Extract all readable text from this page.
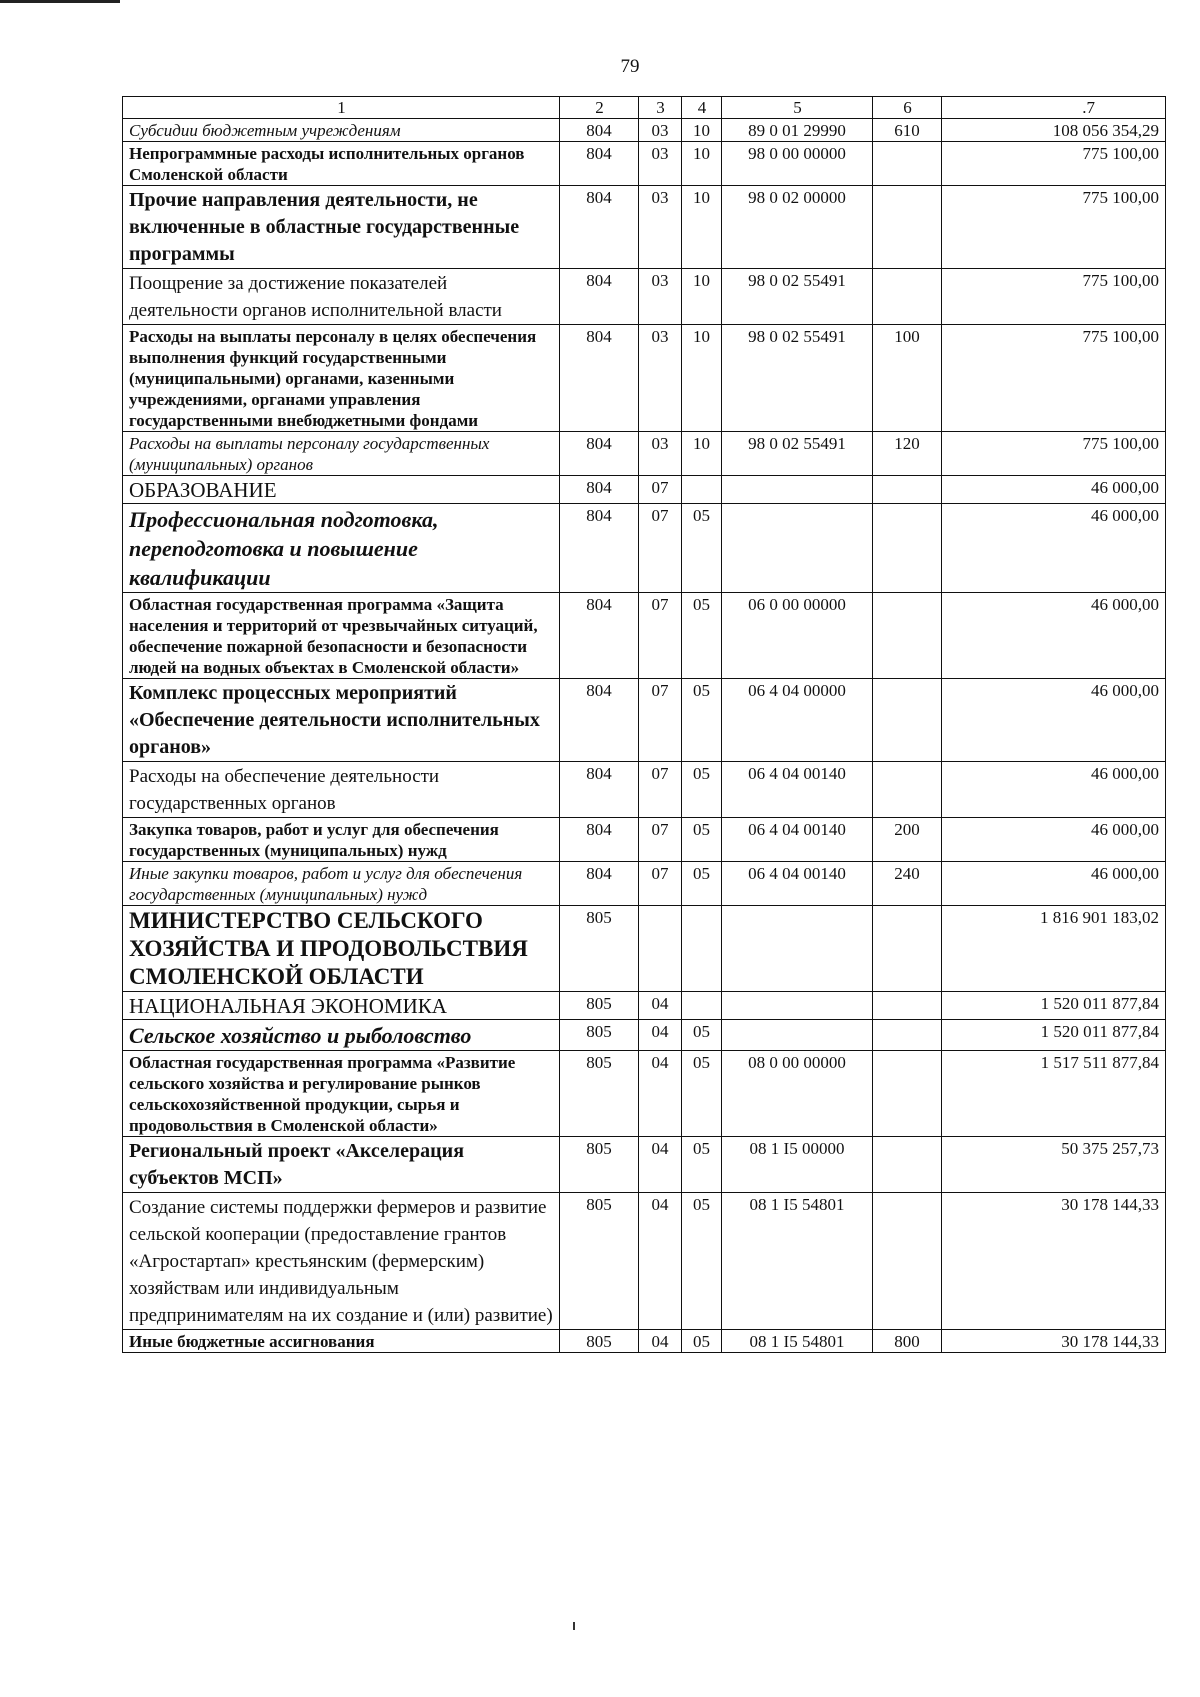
79
1	2	3	4	5	6	.7
Субсидии бюджетным учреждениям	804	03	10	89 0 01 29990	610	108 056 354,29
Непрограммные расходы исполнительных органов Смоленской области	804	03	10	98 0 00 00000		775 100,00
Прочие направления деятельности, не включенные в областные государственные программы	804	03	10	98 0 02 00000		775 100,00
Поощрение за достижение показателей деятельности органов исполнительной власти	804	03	10	98 0 02 55491		775 100,00
Расходы на выплаты персоналу в целях обеспечения выполнения функций государственными (муниципальными) органами, казенными учреждениями, органами управления государственными внебюджетными фондами	804	03	10	98 0 02 55491	100	775 100,00
Расходы на выплаты персоналу государственных (муниципальных) органов	804	03	10	98 0 02 55491	120	775 100,00
ОБРАЗОВАНИЕ	804	07				46 000,00
Профессиональная подготовка, переподготовка и повышение квалификации	804	07	05			46 000,00
Областная государственная программа «Защита населения и территорий от чрезвычайных ситуаций, обеспечение пожарной безопасности и безопасности людей на водных объектах в Смоленской области»	804	07	05	06 0 00 00000		46 000,00
Комплекс процессных мероприятий «Обеспечение деятельности исполнительных органов»	804	07	05	06 4 04 00000		46 000,00
Расходы на обеспечение деятельности государственных органов	804	07	05	06 4 04 00140		46 000,00
Закупка товаров, работ и услуг для обеспечения государственных (муниципальных) нужд	804	07	05	06 4 04 00140	200	46 000,00
Иные закупки товаров, работ и услуг для обеспечения государственных (муниципальных) нужд	804	07	05	06 4 04 00140	240	46 000,00
МИНИСТЕРСТВО СЕЛЬСКОГО ХОЗЯЙСТВА И ПРОДОВОЛЬСТВИЯ СМОЛЕНСКОЙ ОБЛАСТИ	805					1 816 901 183,02
НАЦИОНАЛЬНАЯ ЭКОНОМИКА	805	04				1 520 011 877,84
Сельское хозяйство и рыболовство	805	04	05			1 520 011 877,84
Областная государственная программа «Развитие сельского хозяйства и регулирование рынков сельскохозяйственной продукции, сырья и продовольствия в Смоленской области»	805	04	05	08 0 00 00000		1 517 511 877,84
Региональный проект «Акселерация субъектов МСП»	805	04	05	08 1 I5 00000		50 375 257,73
Создание системы поддержки фермеров и развитие сельской кооперации (предоставление грантов «Агростартап» крестьянским (фермерским) хозяйствам или индивидуальным предпринимателям на их создание и (или) развитие)	805	04	05	08 1 I5 54801		30 178 144,33
Иные бюджетные ассигнования	805	04	05	08 1 I5 54801	800	30 178 144,33
